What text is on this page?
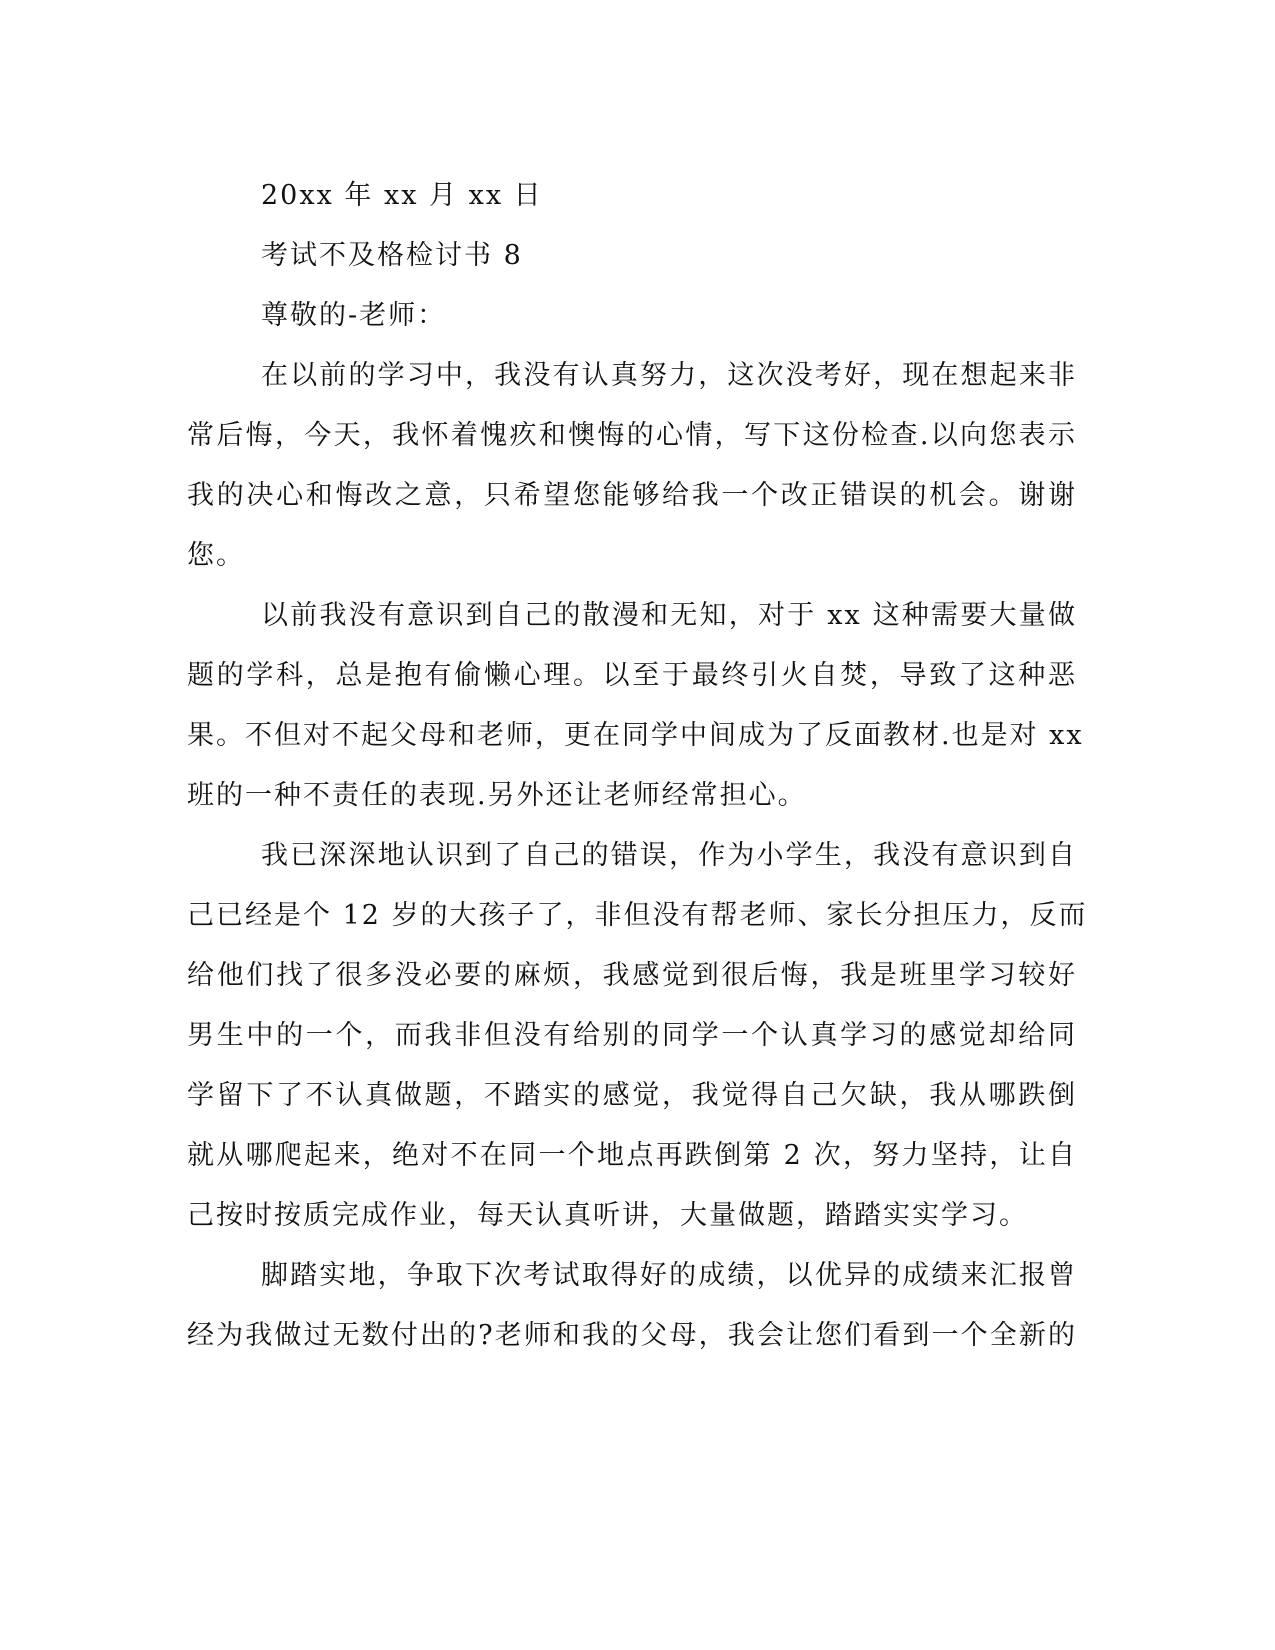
20xx 年 xx 月 xx 日

考试不及格检讨书 8

尊敬的-老师：

在以前的学习中，我没有认真努力，这次没考好，现在想起来非
常后悔，今天，我怀着愧疚和懊悔的心情，写下这份检查.以向您表示
我的决心和悔改之意，只希望您能够给我一个改正错误的机会。谢谢
您。
以前我没有意识到自己的散漫和无知，对于 xx 这种需要大量做
题的学科，总是抱有偷懒心理。以至于最终引火自焚，导致了这种恶
果。不但对不起父母和老师，更在同学中间成为了反面教材.也是对 xx
班的一种不责任的表现.另外还让老师经常担心。
我已深深地认识到了自己的错误，作为小学生，我没有意识到自
己已经是个 12 岁的大孩子了，非但没有帮老师、家长分担压力，反而
给他们找了很多没必要的麻烦，我感觉到很后悔，我是班里学习较好
男生中的一个，而我非但没有给别的同学一个认真学习的感觉却给同
学留下了不认真做题，不踏实的感觉，我觉得自己欠缺，我从哪跌倒
就从哪爬起来，绝对不在同一个地点再跌倒第 2 次，努力坚持，让自
己按时按质完成作业，每天认真听讲，大量做题，踏踏实实学习。
脚踏实地，争取下次考试取得好的成绩，以优异的成绩来汇报曾
经为我做过无数付出的?老师和我的父母，我会让您们看到一个全新的
